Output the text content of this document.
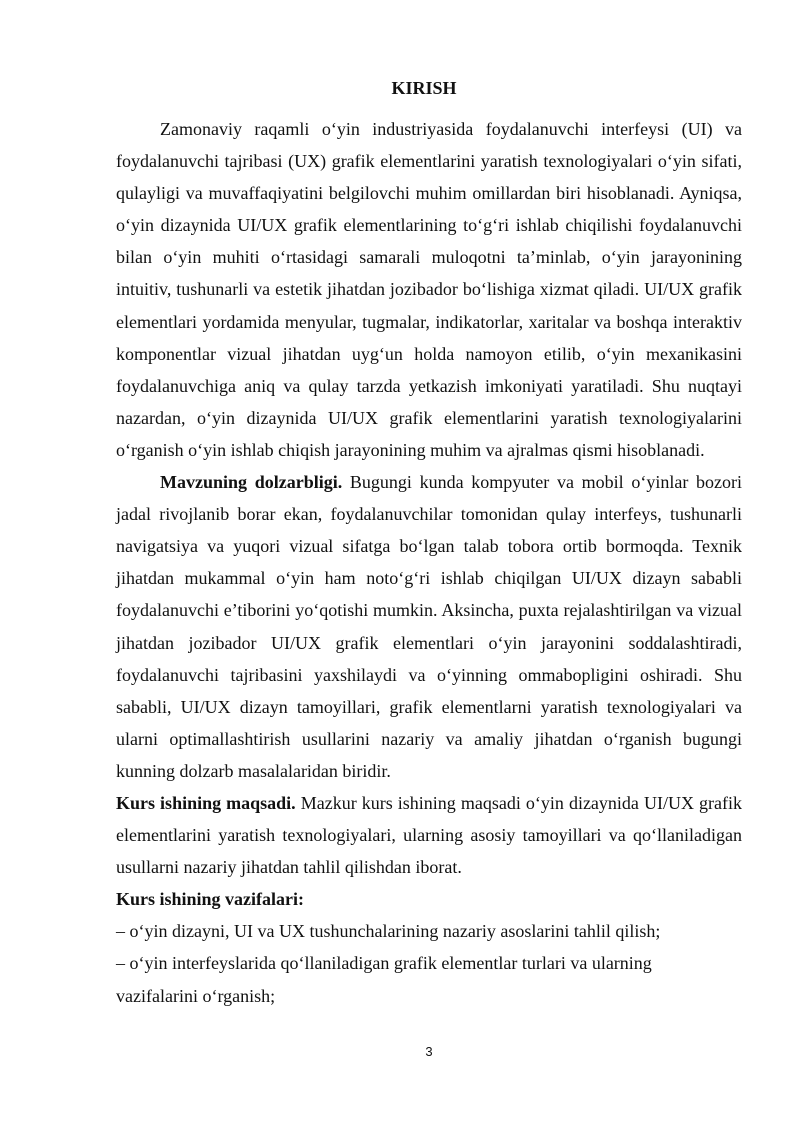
KIRISH

Zamonaviy raqamli o‘yin industriyasida foydalanuvchi interfeysi (UI) va foydalanuvchi tajribasi (UX) grafik elementlarini yaratish texnologiyalari o‘yin sifati, qulayligi va muvaffaqiyatini belgilovchi muhim omillardan biri hisoblanadi. Ayniqsa, o‘yin dizaynida UI/UX grafik elementlarining to‘g‘ri ishlab chiqilishi foydalanuvchi bilan o‘yin muhiti o‘rtasidagi samarali muloqotni ta’minlab, o‘yin jarayonining intuitiv, tushunarli va estetik jihatdan jozibador bo‘lishiga xizmat qiladi. UI/UX grafik elementlari yordamida menyular, tugmalar, indikatorlar, xaritalar va boshqa interaktiv komponentlar vizual jihatdan uyg‘un holda namoyon etilib, o‘yin mexanikasini foydalanuvchiga aniq va qulay tarzda yetkazish imkoniyati yaratiladi. Shu nuqtayi nazardan, o‘yin dizaynida UI/UX grafik elementlarini yaratish texnologiyalarini o‘rganish o‘yin ishlab chiqish jarayonining muhim va ajralmas qismi hisoblanadi.

Mavzuning dolzarbligi. Bugungi kunda kompyuter va mobil o‘yinlar bozori jadal rivojlanib borar ekan, foydalanuvchilar tomonidan qulay interfeys, tushunarli navigatsiya va yuqori vizual sifatga bo‘lgan talab tobora ortib bormoqda. Texnik jihatdan mukammal o‘yin ham noto‘g‘ri ishlab chiqilgan UI/UX dizayn sababli foydalanuvchi e’tiborini yo‘qotishi mumkin. Aksincha, puxta rejalashtirilgan va vizual jihatdan jozibador UI/UX grafik elementlari o‘yin jarayonini soddalashtiradi, foydalanuvchi tajribasini yaxshilaydi va o‘yinning ommabopligini oshiradi. Shu sababli, UI/UX dizayn tamoyillari, grafik elementlarni yaratish texnologiyalari va ularni optimallashtirish usullarini nazariy va amaliy jihatdan o‘rganish bugungi kunning dolzarb masalalaridan biridir.

Kurs ishining maqsadi. Mazkur kurs ishining maqsadi o‘yin dizaynida UI/UX grafik elementlarini yaratish texnologiyalari, ularning asosiy tamoyillari va qo‘llaniladigan usullarni nazariy jihatdan tahlil qilishdan iborat.

Kurs ishining vazifalari:

– o‘yin dizayni, UI va UX tushunchalarining nazariy asoslarini tahlil qilish;

– o‘yin interfeyslarida qo‘llaniladigan grafik elementlar turlari va ularning

vazifalarini o‘rganish;

3
